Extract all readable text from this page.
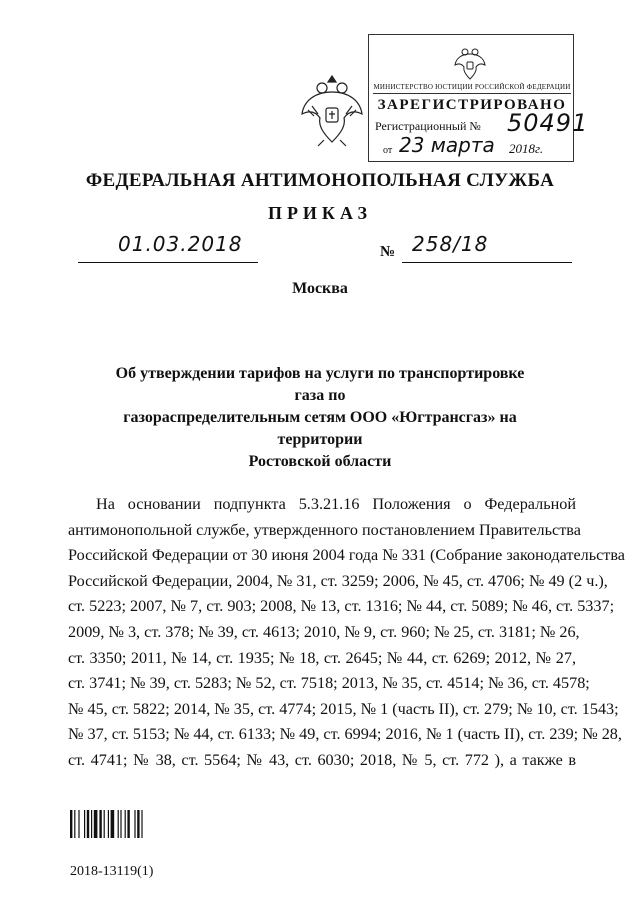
МИНИСТЕРСТВО ЮСТИЦИИ РОССИЙСКОЙ ФЕДЕРАЦИИ
ЗАРЕГИСТРИРОВАНО
Регистрационный № 50491
от 23 марта 2018г.
ФЕДЕРАЛЬНАЯ АНТИМОНОПОЛЬНАЯ СЛУЖБА
ПРИКАЗ
01.03.2018	№ 258/18
Москва
Об утверждении тарифов на услуги по транспортировке газа по
газораспределительным сетям ООО «Югтрансгаз» на территории
Ростовской области
На основании подпункта 5.3.21.16 Положения о Федеральной
антимонопольной службе, утвержденного постановлением Правительства
Российской Федерации от 30 июня 2004 года № 331 (Собрание законодательства
Российской Федерации, 2004, № 31, ст. 3259; 2006, № 45, ст. 4706; № 49 (2 ч.),
ст. 5223; 2007, № 7, ст. 903; 2008, № 13, ст. 1316; № 44, ст. 5089; № 46, ст. 5337;
2009, № 3, ст. 378; № 39, ст. 4613; 2010, № 9, ст. 960; № 25, ст. 3181; № 26,
ст. 3350; 2011, № 14, ст. 1935; № 18, ст. 2645; № 44, ст. 6269; 2012, № 27,
ст. 3741; № 39, ст. 5283; № 52, ст. 7518; 2013, № 35, ст. 4514; № 36, ст. 4578;
№ 45, ст. 5822; 2014, № 35, ст. 4774; 2015, № 1 (часть II), ст. 279; № 10, ст. 1543;
№ 37, ст. 5153; № 44, ст. 6133; № 49, ст. 6994; 2016, № 1 (часть II), ст. 239; № 28,
ст. 4741; № 38, ст. 5564; № 43, ст. 6030; 2018, № 5, ст. 772 ), а также в
2018-13119(1)
